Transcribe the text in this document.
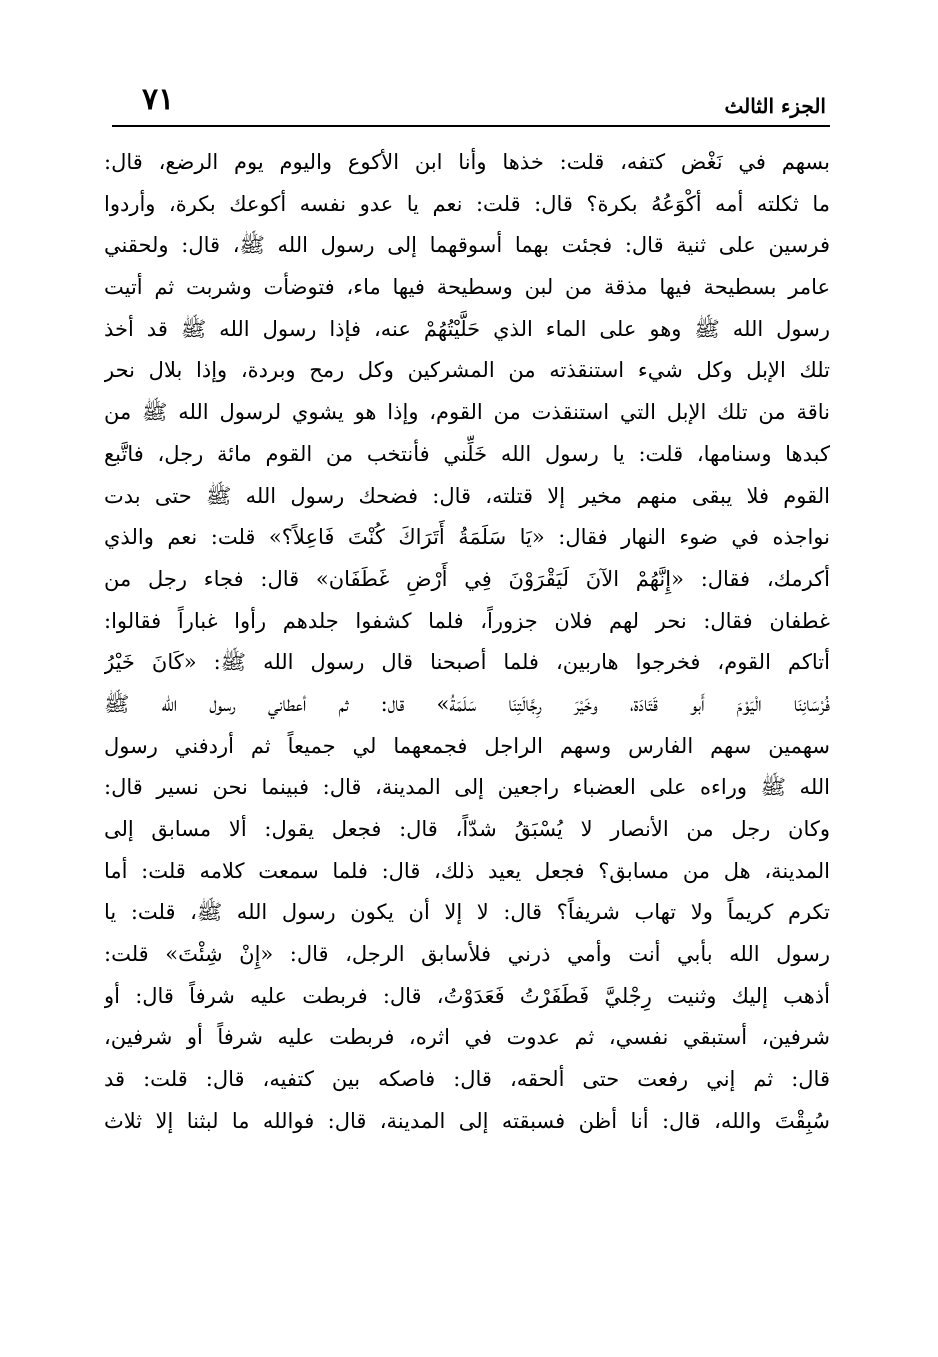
٧١	الجزء الثالث
بسهم في نَغْض كتفه، قلت: خذها وأنا ابن الأكوع واليوم يوم الرضع، قال:
ما ثكلته أمه أكْوَعُهُ بكرة؟ قال: قلت: نعم يا عدو نفسه أكوعك بكرة، وأردوا
فرسين على ثنية قال: فجئت بهما أسوقهما إلى رسول الله ﷺ، قال: ولحقني
عامر بسطيحة فيها مذقة من لبن وسطيحة فيها ماء، فتوضأت وشربت ثم أتيت
رسول الله ﷺ وهو على الماء الذي حَلَّيْتُهُمْ عنه، فإذا رسول الله ﷺ قد أخذ
تلك الإبل وكل شيء استنقذته من المشركين وكل رمح وبردة، وإذا بلال نحر
ناقة من تلك الإبل التي استنقذت من القوم، وإذا هو يشوي لرسول الله ﷺ من
كبدها وسنامها، قلت: يا رسول الله خَلِّني فأنتخب من القوم مائة رجل، فاتَّبع
القوم فلا يبقى منهم مخير إلا قتلته، قال: فضحك رسول الله ﷺ حتى بدت
نواجذه في ضوء النهار فقال: «يَا سَلَمَةُ أَتَرَاكَ كُنْتَ فَاعِلاً؟» قلت: نعم والذي
أكرمك، فقال: «إِنَّهُمْ الآنَ لَيَقْرَوْنَ فِي أَرْضِ غَطَفَان» قال: فجاء رجل من
غطفان فقال: نحر لهم فلان جزوراً، فلما كشفوا جلدهم رأوا غباراً فقالوا:
أتاكم القوم، فخرجوا هاربين، فلما أصبحنا قال رسول الله ﷺ: «كَانَ خَيْرُ
فُرْسَانِنَا الْيَوْمَ أَبو قَتَادَة، وخَيْرَ رِجَّالَتِنَا سَلَمَةُ» قال: ثم أعطاني رسول الله ﷺ
سهمين سهم الفارس وسهم الراجل فجمعهما لي جميعاً ثم أردفني رسول
الله ﷺ وراءه على العضباء راجعين إلى المدينة، قال: فبينما نحن نسير قال:
وكان رجل من الأنصار لا يُسْبَقُ شدّاً، قال: فجعل يقول: ألا مسابق إلى
المدينة، هل من مسابق؟ فجعل يعيد ذلك، قال: فلما سمعت كلامه قلت: أما
تكرم كريماً ولا تهاب شريفاً؟ قال: لا إلا أن يكون رسول الله ﷺ، قلت: يا
رسول الله بأبي أنت وأمي ذرني فلأسابق الرجل، قال: «إِنْ شِئْتَ» قلت:
أذهب إليك وثنيت رِجْليَّ فَطَفَرْتُ فَعَدَوْتُ، قال: فربطت عليه شرفاً قال: أو
شرفين، أستبقي نفسي، ثم عدوت في اثره، فربطت عليه شرفاً أو شرفين،
قال: ثم إني رفعت حتى ألحقه، قال: فاصكه بين كتفيه، قال: قلت: قد
سُبِقْتَ والله، قال: أنا أظن فسبقته إلى المدينة، قال: فوالله ما لبثنا إلا ثلاث
